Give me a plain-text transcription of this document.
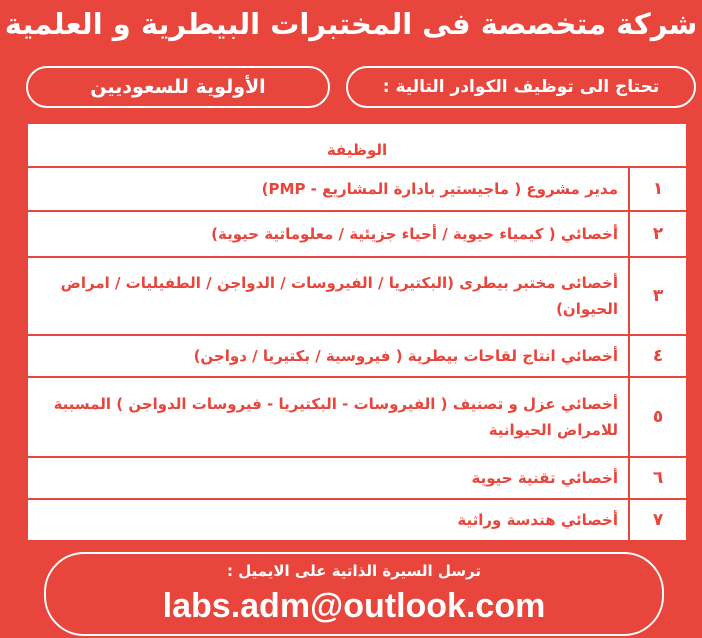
شركة متخصصة فى المختبرات البيطرية و العلمية
تحتاج الى توظيف الكوادر التالية :
الأولوية للسعوديين
الوظيفة
١
مدير مشروع ( ماجيستير بادارة المشاريع - PMP)
٢
أخصائي ( كيمياء حيوية / أحياء جزيئية / معلوماتية حيوية)
٣
أخصائى مختبر بيطرى (البكتيريا / الفيروسات / الدواجن / الطفيليات / امراض الحيوان)
٤
أخصائي انتاج لقاحات بيطرية ( فيروسية / بكتيريا / دواجن)
٥
أخصائي عزل و تصنيف ( الفيروسات - البكتيريا - فيروسات الدواجن ) المسببة للامراض الحيوانية
٦
أخصائي تقنية حيوية
٧
أخصائي هندسة وراثية
ترسل السيرة الذاتية على الايميل :
labs.adm@outlook.com
